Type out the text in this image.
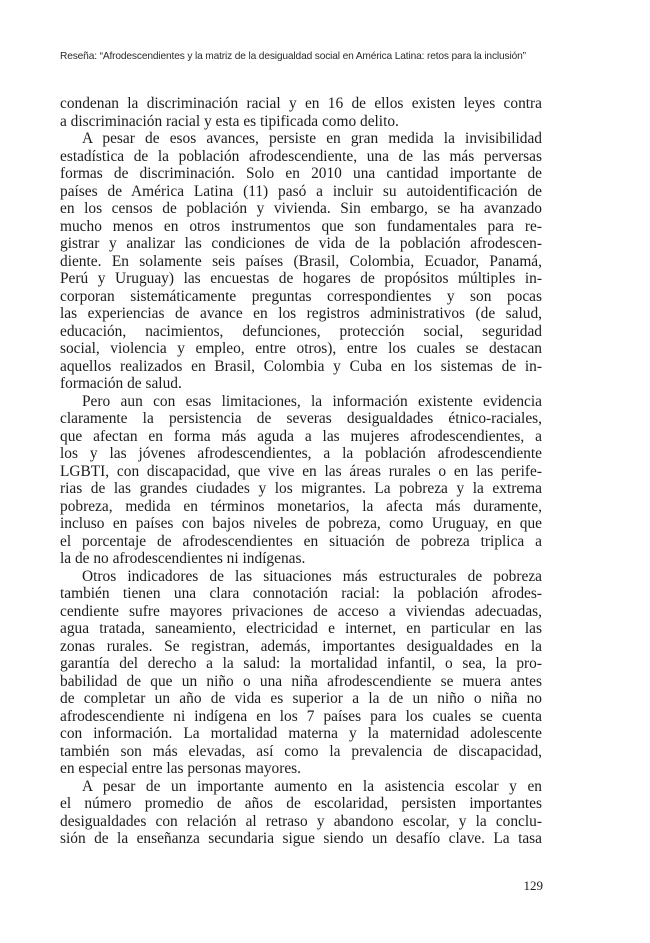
Reseña: “Afrodescendientes y la matriz de la desigualdad social en América Latina: retos para la inclusión”
condenan la discriminación racial y en 16 de ellos existen leyes contra
a discriminación racial y esta es tipificada como delito.
A pesar de esos avances, persiste en gran medida la invisibilidad
estadística de la población afrodescendiente, una de las más perversas
formas de discriminación. Solo en 2010 una cantidad importante de
países de América Latina (11) pasó a incluir su autoidentificación de
en los censos de población y vivienda. Sin embargo, se ha avanzado
mucho menos en otros instrumentos que son fundamentales para re-
gistrar y analizar las condiciones de vida de la población afrodescen-
diente. En solamente seis países (Brasil, Colombia, Ecuador, Panamá,
Perú y Uruguay) las encuestas de hogares de propósitos múltiples in-
corporan sistemáticamente preguntas correspondientes y son pocas
las experiencias de avance en los registros administrativos (de salud,
educación, nacimientos, defunciones, protección social, seguridad
social, violencia y empleo, entre otros), entre los cuales se destacan
aquellos realizados en Brasil, Colombia y Cuba en los sistemas de in-
formación de salud.
Pero aun con esas limitaciones, la información existente evidencia
claramente la persistencia de severas desigualdades étnico-raciales,
que afectan en forma más aguda a las mujeres afrodescendientes, a
los y las jóvenes afrodescendientes, a la población afrodescendiente
LGBTI, con discapacidad, que vive en las áreas rurales o en las perife-
rias de las grandes ciudades y los migrantes. La pobreza y la extrema
pobreza, medida en términos monetarios, la afecta más duramente,
incluso en países con bajos niveles de pobreza, como Uruguay, en que
el porcentaje de afrodescendientes en situación de pobreza triplica a
la de no afrodescendientes ni indígenas.
Otros indicadores de las situaciones más estructurales de pobreza
también tienen una clara connotación racial: la población afrodes-
cendiente sufre mayores privaciones de acceso a viviendas adecuadas,
agua tratada, saneamiento, electricidad e internet, en particular en las
zonas rurales. Se registran, además, importantes desigualdades en la
garantía del derecho a la salud: la mortalidad infantil, o sea, la pro-
babilidad de que un niño o una niña afrodescendiente se muera antes
de completar un año de vida es superior a la de un niño o niña no
afrodescendiente ni indígena en los 7 países para los cuales se cuenta
con información. La mortalidad materna y la maternidad adolescente
también son más elevadas, así como la prevalencia de discapacidad,
en especial entre las personas mayores.
A pesar de un importante aumento en la asistencia escolar y en
el número promedio de años de escolaridad, persisten importantes
desigualdades con relación al retraso y abandono escolar, y la conclu-
sión de la enseñanza secundaria sigue siendo un desafío clave. La tasa
129
